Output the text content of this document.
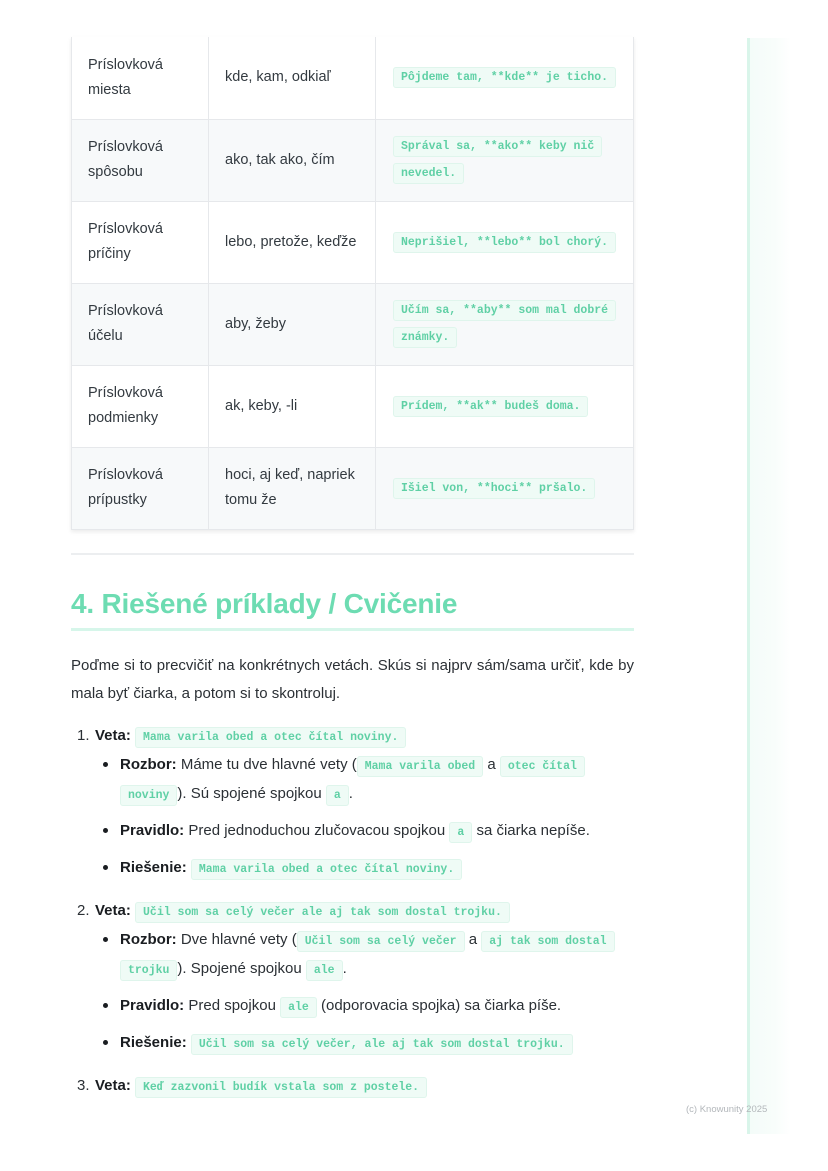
Príslovková miesta	kde, kam, odkiaľ	Pôjdeme tam, **kde** je ticho.
Príslovková spôsobu	ako, tak ako, čím	Správal sa, **ako** keby nič nevedel.
Príslovková príčiny	lebo, pretože, keďže	Neprišiel, **lebo** bol chorý.
Príslovková účelu	aby, žeby	Učím sa, **aby** som mal dobré známky.
Príslovková podmienky	ak, keby, -li	Prídem, **ak** budeš doma.
Príslovková prípustky	hoci, aj keď, napriek tomu že	Išiel von, **hoci** pršalo.
4. Riešené príklady / Cvičenie

Poďme si to precvičiť na konkrétnych vetách. Skús si najprv sám/sama určiť, kde by mala byť čiarka, a potom si to skontroluj.

1. Veta: Mama varila obed a otec čítal noviny.
Rozbor: Máme tu dve hlavné vety ( Mama varila obed a otec čítal noviny ). Sú spojené spojkou a .
Pravidlo: Pred jednoduchou zlučovacou spojkou a sa čiarka nepíše.
Riešenie: Mama varila obed a otec čítal noviny.
2. Veta: Učil som sa celý večer ale aj tak som dostal trojku.
Rozbor: Dve hlavné vety ( Učil som sa celý večer a aj tak som dostal trojku ). Spojené spojkou ale .
Pravidlo: Pred spojkou ale (odporovacia spojka) sa čiarka píše.
Riešenie: Učil som sa celý večer, ale aj tak som dostal trojku.
3. Veta: Keď zazvonil budík vstala som z postele.
(c) Knowunity 2025
